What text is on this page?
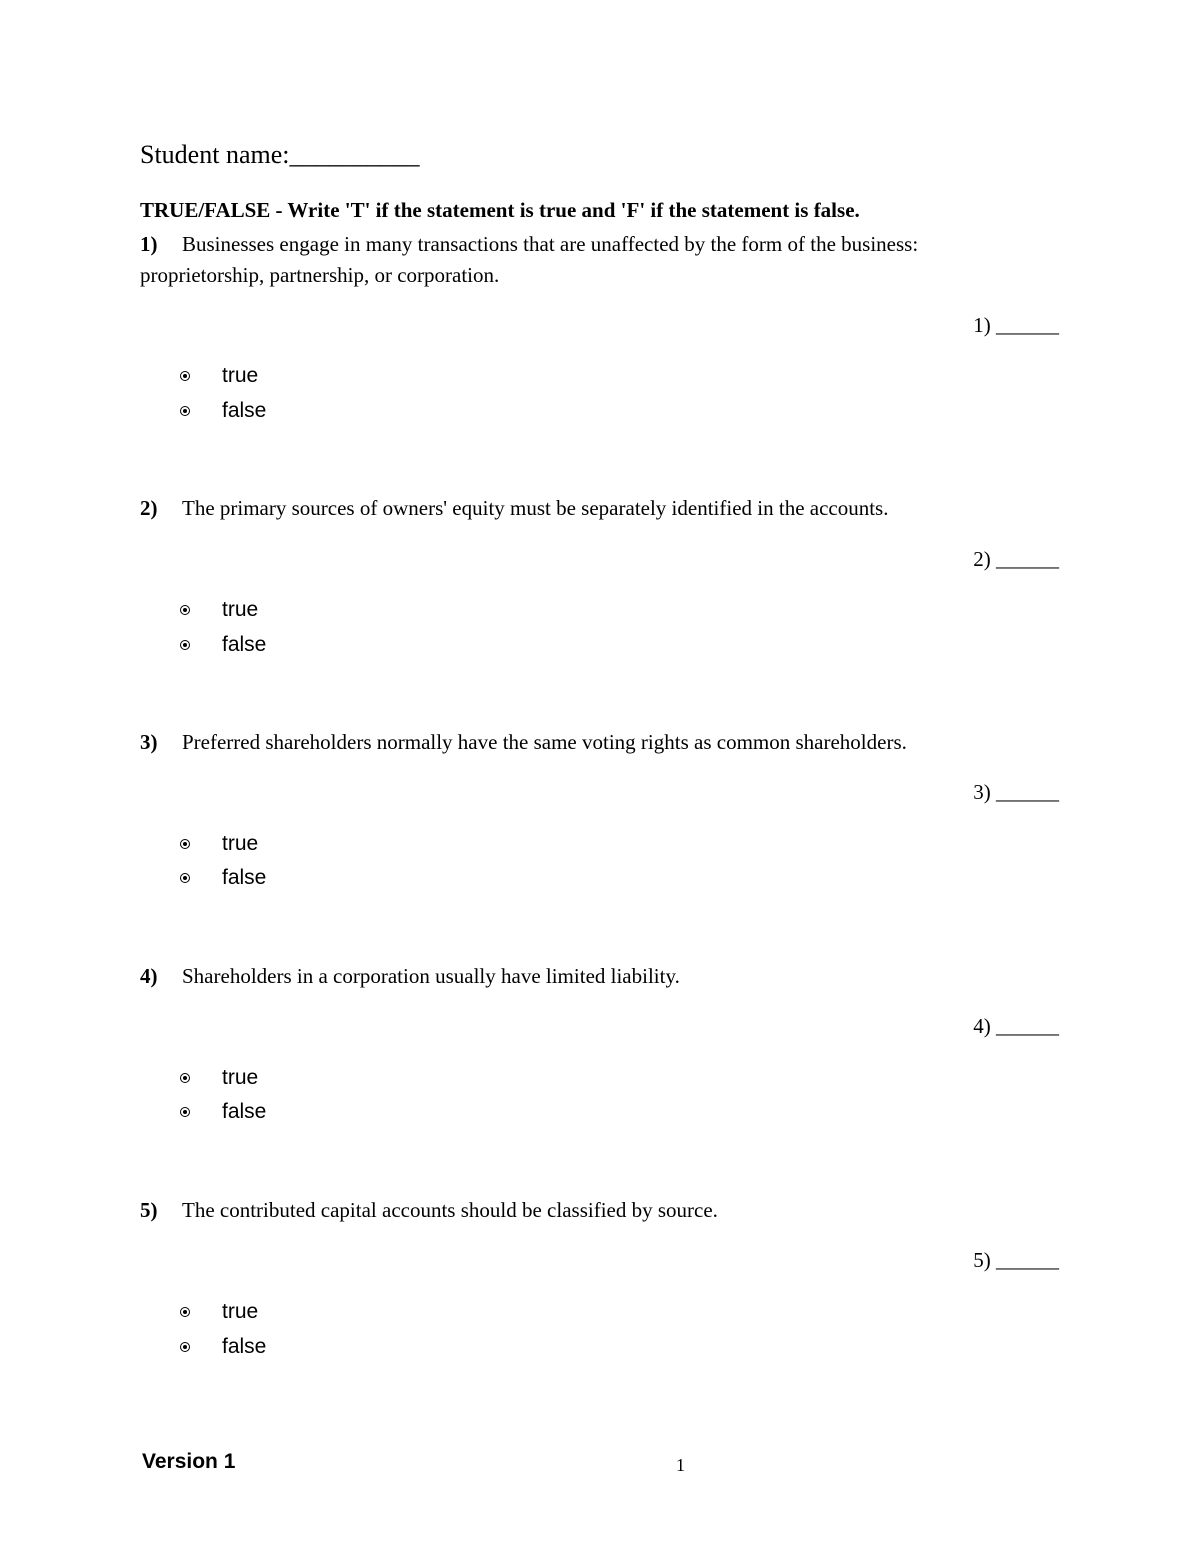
Student name:__________
TRUE/FALSE - Write 'T' if the statement is true and 'F' if the statement is false.
1) Businesses engage in many transactions that are unaffected by the form of the business: proprietorship, partnership, or corporation.
1) ______
true
false
2) The primary sources of owners' equity must be separately identified in the accounts.
2) ______
true
false
3) Preferred shareholders normally have the same voting rights as common shareholders.
3) ______
true
false
4) Shareholders in a corporation usually have limited liability.
4) ______
true
false
5) The contributed capital accounts should be classified by source.
5) ______
true
false
Version 1	1
